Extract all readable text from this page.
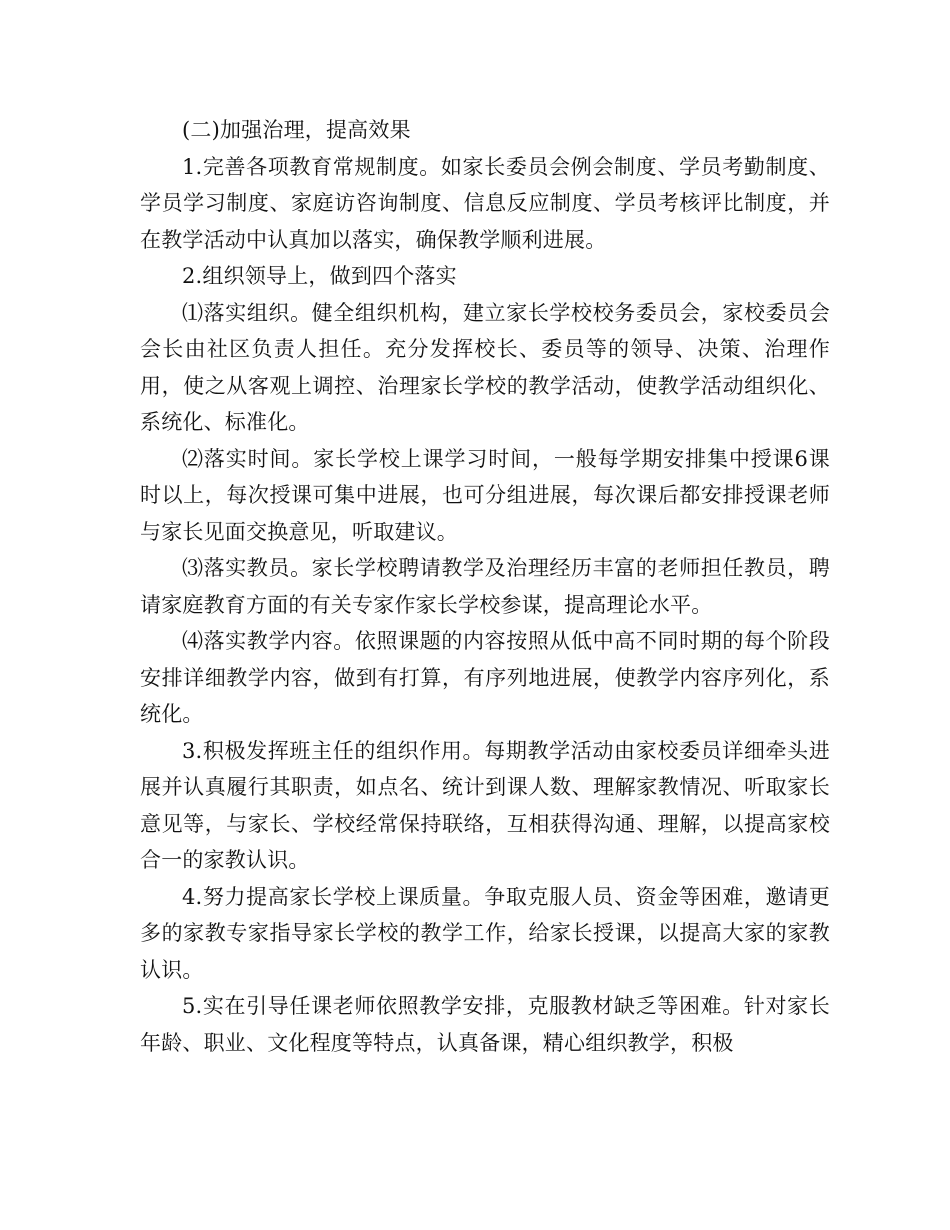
(二)加强治理，提高效果

1.完善各项教育常规制度。如家长委员会例会制度、学员考勤制度、学员学习制度、家庭访咨询制度、信息反应制度、学员考核评比制度，并在教学活动中认真加以落实，确保教学顺利进展。

2.组织领导上，做到四个落实

⑴落实组织。健全组织机构，建立家长学校校务委员会，家校委员会会长由社区负责人担任。充分发挥校长、委员等的领导、决策、治理作用，使之从客观上调控、治理家长学校的教学活动，使教学活动组织化、系统化、标准化。

⑵落实时间。家长学校上课学习时间，一般每学期安排集中授课6课时以上，每次授课可集中进展，也可分组进展，每次课后都安排授课老师与家长见面交换意见，听取建议。

⑶落实教员。家长学校聘请教学及治理经历丰富的老师担任教员，聘请家庭教育方面的有关专家作家长学校参谋，提高理论水平。

⑷落实教学内容。依照课题的内容按照从低中高不同时期的每个阶段安排详细教学内容，做到有打算，有序列地进展，使教学内容序列化，系统化。

3.积极发挥班主任的组织作用。每期教学活动由家校委员详细牵头进展并认真履行其职责，如点名、统计到课人数、理解家教情况、听取家长意见等，与家长、学校经常保持联络，互相获得沟通、理解，以提高家校合一的家教认识。

4.努力提高家长学校上课质量。争取克服人员、资金等困难，邀请更多的家教专家指导家长学校的教学工作，给家长授课，以提高大家的家教认识。

5.实在引导任课老师依照教学安排，克服教材缺乏等困难。针对家长年龄、职业、文化程度等特点，认真备课，精心组织教学，积极
